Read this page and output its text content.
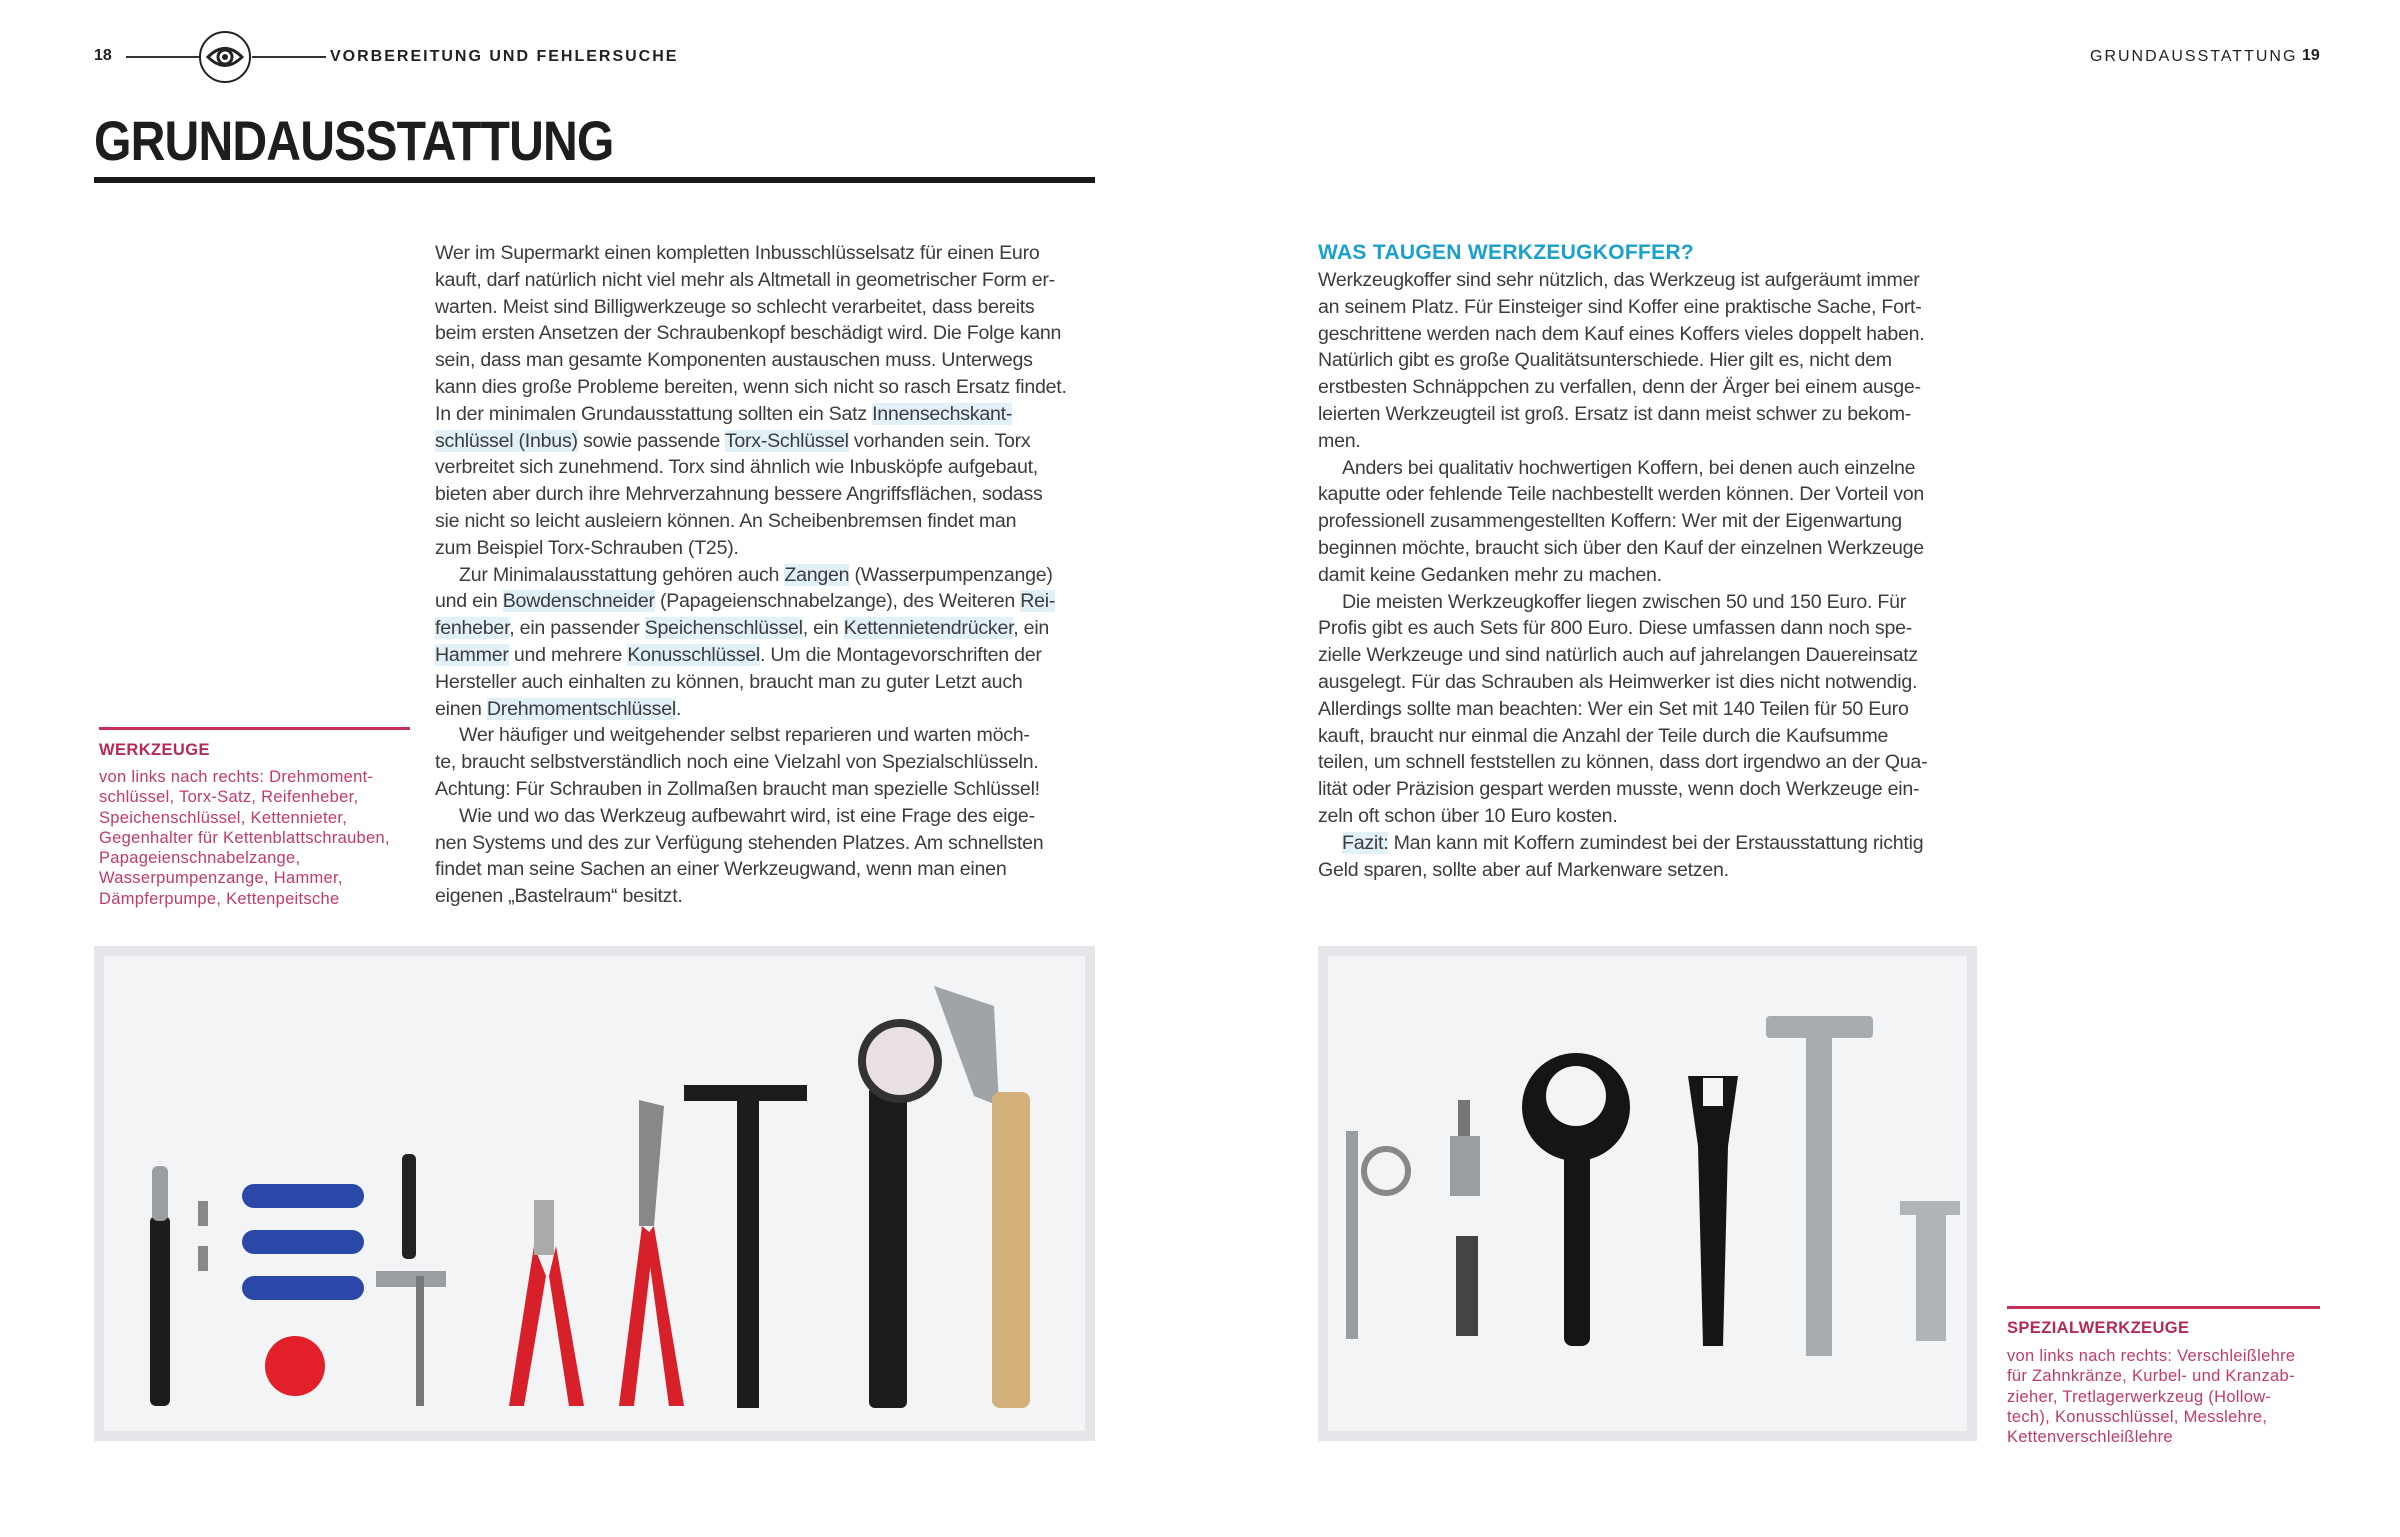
18	VORBEREITUNG UND FEHLERSUCHE
GRUNDAUSSTATTUNG
Wer im Supermarkt einen kompletten Inbusschlüsselsatz für einen Euro
kauft, darf natürlich nicht viel mehr als Altmetall in geometrischer Form er-
warten. Meist sind Billigwerkzeuge so schlecht verarbeitet, dass bereits
beim ersten Ansetzen der Schraubenkopf beschädigt wird. Die Folge kann
sein, dass man gesamte Komponenten austauschen muss. Unterwegs
kann dies große Probleme bereiten, wenn sich nicht so rasch Ersatz findet.
In der minimalen Grundausstattung sollten ein Satz Innensechskant-
schlüssel (Inbus) sowie passende Torx-Schlüssel vorhanden sein. Torx
verbreitet sich zunehmend. Torx sind ähnlich wie Inbusköpfe aufgebaut,
bieten aber durch ihre Mehrverzahnung bessere Angriffsflächen, sodass
sie nicht so leicht ausleiern können. An Scheibenbremsen findet man
zum Beispiel Torx-Schrauben (T25).
Zur Minimalausstattung gehören auch Zangen (Wasserpumpenzange)
und ein Bowdenschneider (Papageienschnabelzange), des Weiteren Rei-
fenheber, ein passender Speichenschlüssel, ein Kettennietendrücker, ein
Hammer und mehrere Konusschlüssel. Um die Montagevorschriften der
Hersteller auch einhalten zu können, braucht man zu guter Letzt auch
einen Drehmomentschlüssel.
Wer häufiger und weitgehender selbst reparieren und warten möch-
te, braucht selbstverständlich noch eine Vielzahl von Spezialschlüsseln.
Achtung: Für Schrauben in Zollmaßen braucht man spezielle Schlüssel!
Wie und wo das Werkzeug aufbewahrt wird, ist eine Frage des eige-
nen Systems und des zur Verfügung stehenden Platzes. Am schnellsten
findet man seine Sachen an einer Werkzeugwand, wenn man einen
eigenen „Bastelraum“ besitzt.
WERKZEUGE
von links nach rechts: Drehmoment-
schlüssel, Torx-Satz, Reifenheber,
Speichenschlüssel, Kettennieter,
Gegenhalter für Kettenblattschrauben,
Papageienschnabelzange,
Wasserpumpenzange, Hammer,
Dämpferpumpe, Kettenpeitsche
GRUNDAUSSTATTUNG 19
WAS TAUGEN WERKZEUGKOFFER?
Werkzeugkoffer sind sehr nützlich, das Werkzeug ist aufgeräumt immer
an seinem Platz. Für Einsteiger sind Koffer eine praktische Sache, Fort-
geschrittene werden nach dem Kauf eines Koffers vieles doppelt haben.
Natürlich gibt es große Qualitätsunterschiede. Hier gilt es, nicht dem
erstbesten Schnäppchen zu verfallen, denn der Ärger bei einem ausge-
leierten Werkzeugteil ist groß. Ersatz ist dann meist schwer zu bekom-
men.
Anders bei qualitativ hochwertigen Koffern, bei denen auch einzelne
kaputte oder fehlende Teile nachbestellt werden können. Der Vorteil von
professionell zusammengestellten Koffern: Wer mit der Eigenwartung
beginnen möchte, braucht sich über den Kauf der einzelnen Werkzeuge
damit keine Gedanken mehr zu machen.
Die meisten Werkzeugkoffer liegen zwischen 50 und 150 Euro. Für
Profis gibt es auch Sets für 800 Euro. Diese umfassen dann noch spe-
zielle Werkzeuge und sind natürlich auch auf jahrelangen Dauereinsatz
ausgelegt. Für das Schrauben als Heimwerker ist dies nicht notwendig.
Allerdings sollte man beachten: Wer ein Set mit 140 Teilen für 50 Euro
kauft, braucht nur einmal die Anzahl der Teile durch die Kaufsumme
teilen, um schnell feststellen zu können, dass dort irgendwo an der Qua-
lität oder Präzision gespart werden musste, wenn doch Werkzeuge ein-
zeln oft schon über 10 Euro kosten.
Fazit: Man kann mit Koffern zumindest bei der Erstausstattung richtig
Geld sparen, sollte aber auf Markenware setzen.
SPEZIALWERKZEUGE
von links nach rechts: Verschleißlehre
für Zahnkränze, Kurbel- und Kranzab-
zieher, Tretlagerwerkzeug (Hollow-
tech), Konusschlüssel, Messlehre,
Kettenverschleißlehre
